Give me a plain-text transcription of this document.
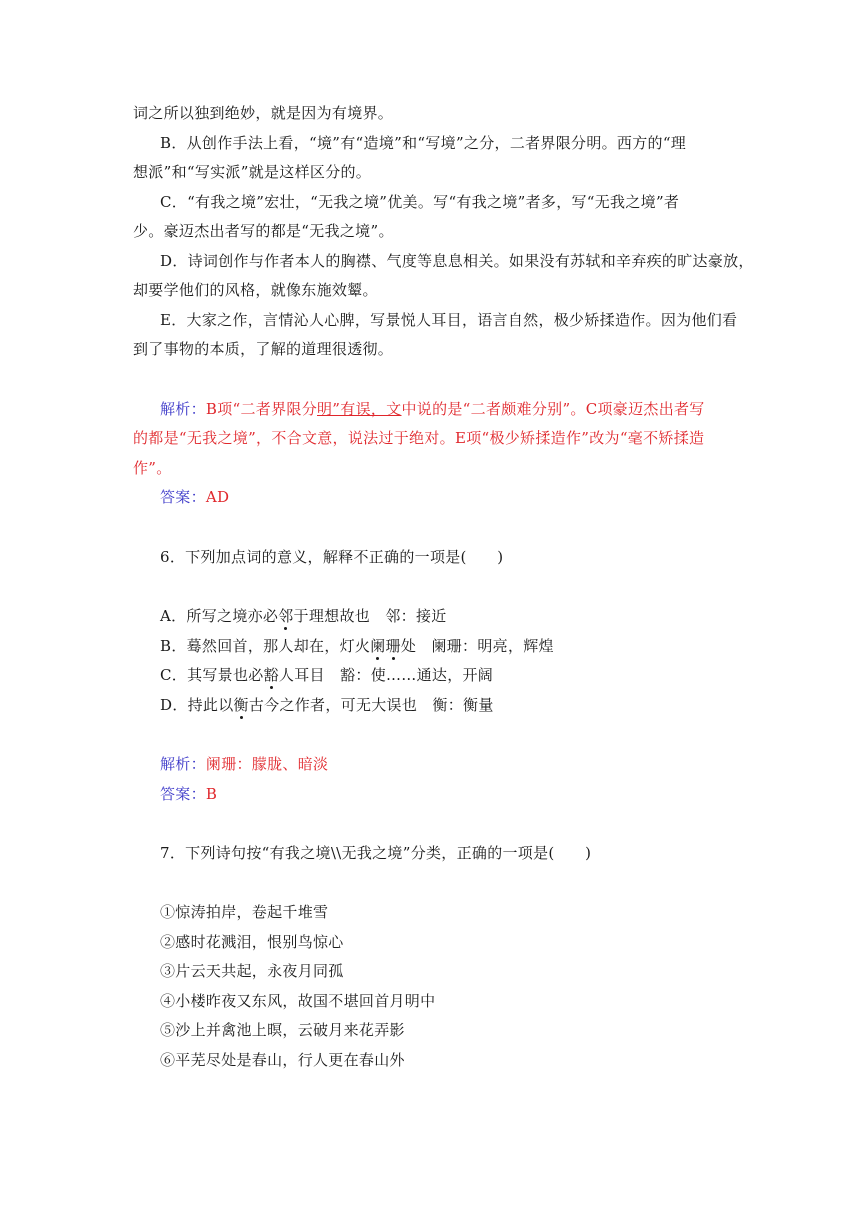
词之所以独到绝妙，就是因为有境界。
B．从创作手法上看，“境”有“造境”和“写境”之分，二者界限分明。西方的“理
想派”和“写实派”就是这样区分的。
C．“有我之境”宏壮，“无我之境”优美。写“有我之境”者多，写“无我之境”者
少。豪迈杰出者写的都是“无我之境”。
D．诗词创作与作者本人的胸襟、气度等息息相关。如果没有苏轼和辛弃疾的旷达豪放，
却要学他们的风格，就像东施效颦。
E．大家之作，言情沁人心脾，写景悦人耳目，语言自然，极少矫揉造作。因为他们看
到了事物的本质，了解的道理很透彻。
解析：B项“二者界限分明”有误，文中说的是“二者颇难分别”。C项豪迈杰出者写
的都是“无我之境”，不合文意，说法过于绝对。E项“极少矫揉造作”改为“毫不矫揉造
作”。
答案：AD
6．下列加点词的意义，解释不正确的一项是(　　)
A．所写之境亦必邻于理想故也　邻：接近
B．蓦然回首，那人却在，灯火阑珊处　阑珊：明亮，辉煌
C．其写景也必豁人耳目　豁：使……通达，开阔
D．持此以衡古今之作者，可无大误也　衡：衡量
解析：阑珊：朦胧、暗淡
答案：B
7．下列诗句按“有我之境\\无我之境”分类，正确的一项是(　　)
①惊涛拍岸，卷起千堆雪
②感时花溅泪，恨别鸟惊心
③片云天共起，永夜月同孤
④小楼昨夜又东风，故国不堪回首月明中
⑤沙上并禽池上暝，云破月来花弄影
⑥平芜尽处是春山，行人更在春山外
